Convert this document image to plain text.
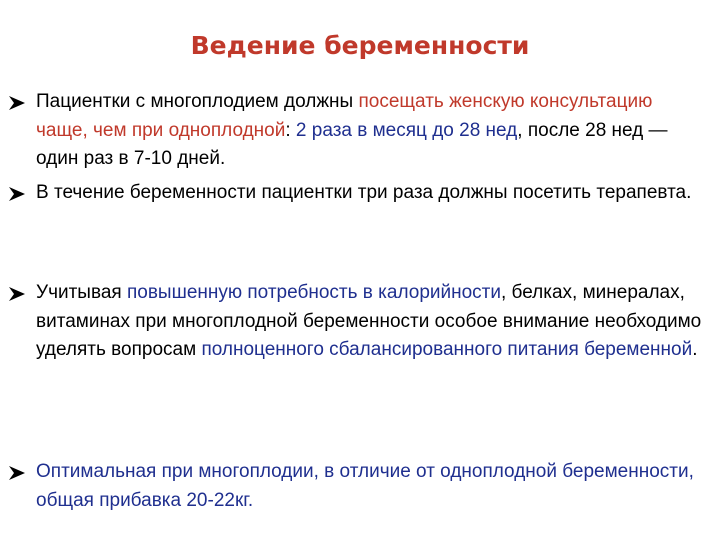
Ведение беременности
Пациентки с многоплодием должны посещать женскую консультацию чаще, чем при одноплодной: 2 раза в месяц до 28 нед, после 28 нед — один раз в 7-10 дней.
В течение беременности пациентки три раза должны посетить терапевта.
Учитывая повышенную потребность в калорийности, белках, минералах, витаминах при многоплодной беременности особое внимание необходимо уделять вопросам полноценного сбалансированного питания беременной.
Оптимальная при многоплодии, в отличие от одноплодной беременности, общая прибавка 20-22кг.
